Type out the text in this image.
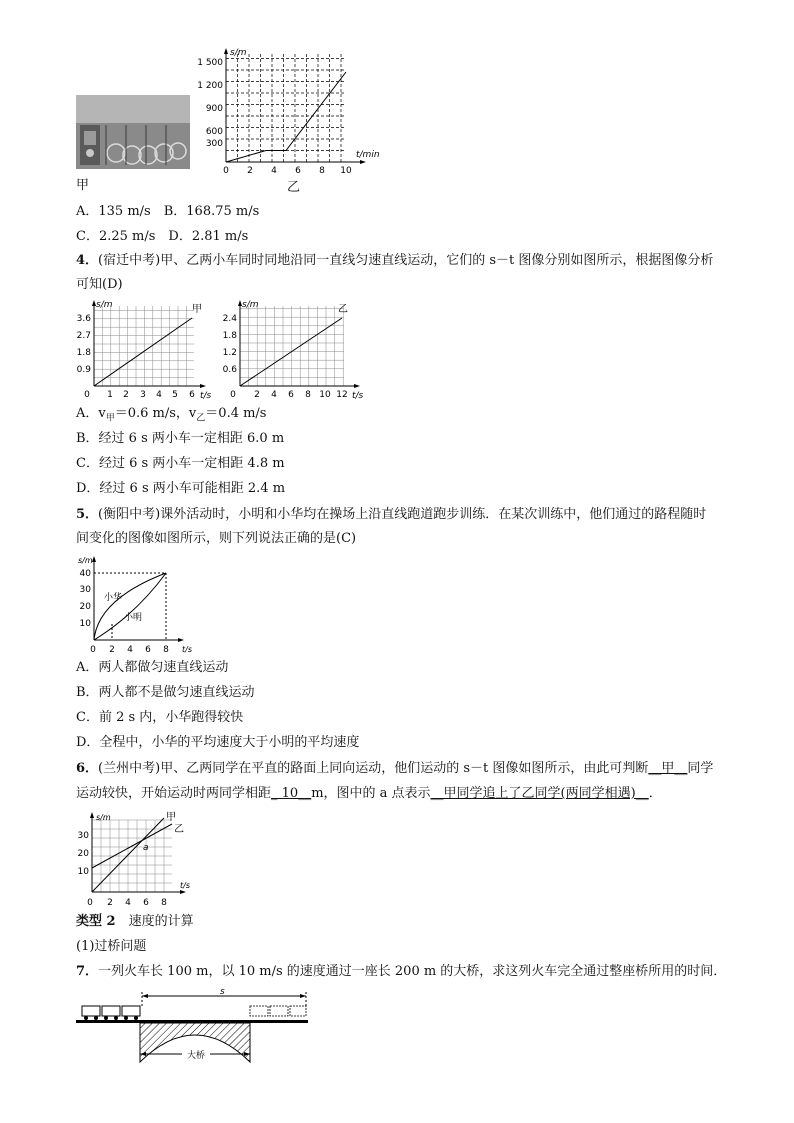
甲
s/m
t/min
1 500
1 200
900
600
300
0 2 4 6 8 10
乙
A．135 m/s　 B．168.75 m/s
C．2.25 m/s　 D．2.81 m/s
4．(宿迁中考)甲、乙两小车同时同地沿同一直线匀速直线运动，它们的 s－t 图像分别如图所示，根据图像分析
可知(D)
s/m	甲
t/s
3.6
2.7
1.8
0.9
0 1 2 3 4 5 6
s/m	乙
t/s
2.4
1.8
1.2
0.6
0 2 4 6 8 10 12
A．$v_甲=0.6$ m/s，$v_乙=0.4$ m/s
B．经过 6 s 两小车一定相距 6.0 m
C．经过 6 s 两小车一定相距 4.8 m
D．经过 6 s 两小车可能相距 2.4 m
5．(衡阳中考)课外活动时，小明和小华均在操场上沿直线跑道跑步训练．在某次训练中，他们通过的路程随时
间变化的图像如图所示，则下列说法正确的是(C)
s/m
t/s
40
30
20
10
0 2 4 6 8
小华
小明
A．两人都做匀速直线运动
B．两人都不是做匀速直线运动
C．前 2 s 内，小华跑得较快
D．全程中，小华的平均速度大于小明的平均速度
6．(兰州中考)甲、乙两同学在平直的路面上同向运动，他们运动的 s－t 图像如图所示，由此可判断__甲__同学
运动较快，开始运动时两同学相距_ 10__m，图中的 a 点表示__甲同学追上了乙同学(两同学相遇)__．
s/m
t/s
甲
乙
a
30
20
10
0 2 4 6 8
类型 2　速度的计算
(1)过桥问题
7．一列火车长 100 m，以 10 m/s 的速度通过一座长 200 m 的大桥，求这列火车完全通过整座桥所用的时间．
s
大桥
